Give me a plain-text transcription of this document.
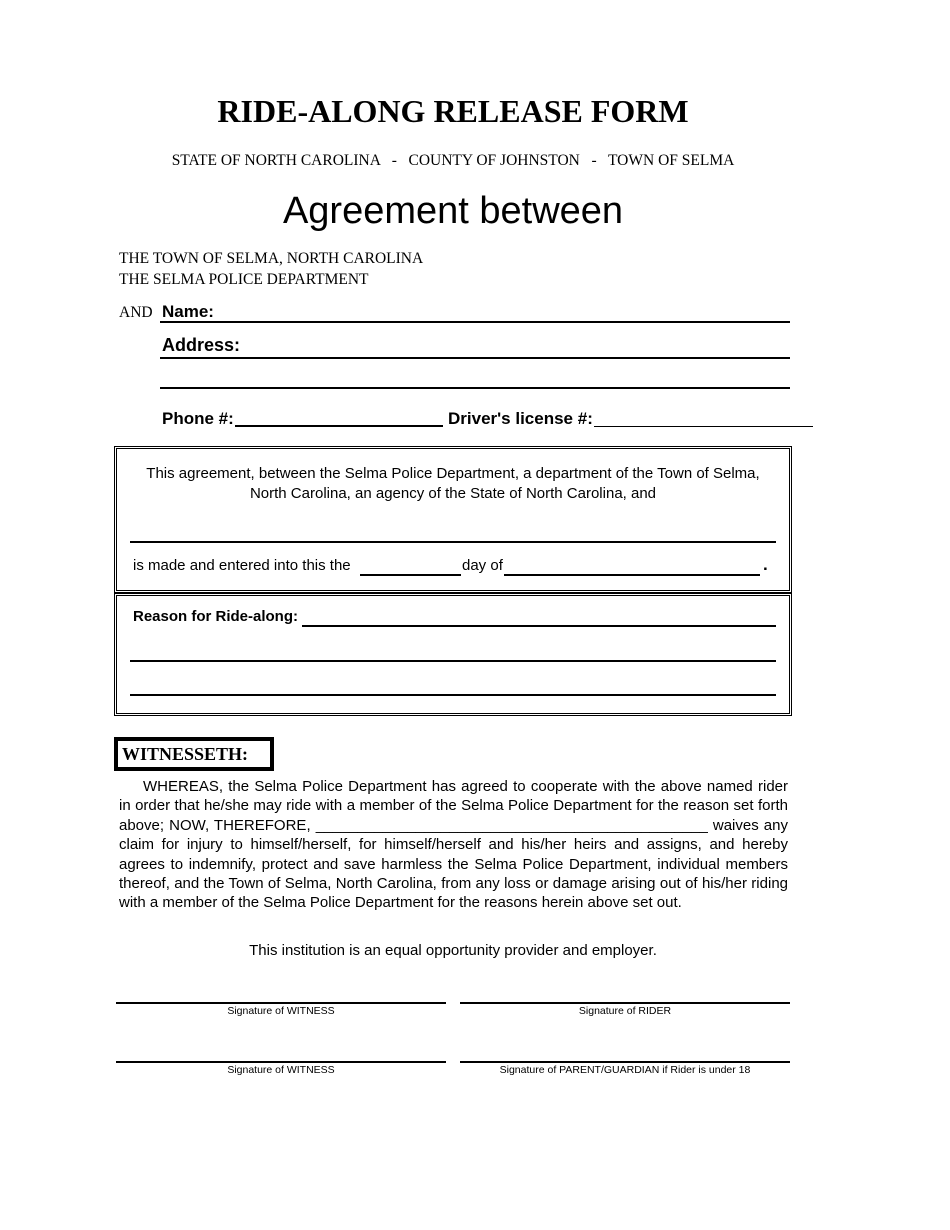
RIDE-ALONG RELEASE FORM
STATE OF NORTH CAROLINA   -   COUNTY OF JOHNSTON   -   TOWN OF SELMA
Agreement between
THE TOWN OF SELMA, NORTH CAROLINA
THE SELMA POLICE DEPARTMENT
AND Name:
Address:
Phone #:	Driver's license #:
This agreement, between the Selma Police Department, a department of the Town of Selma, North Carolina, an agency of the State of North Carolina, and
is made and entered into this the	day of	.
Reason for Ride-along:
WITNESSETH:
WHEREAS, the Selma Police Department has agreed to cooperate with the above named rider in order that he/she may ride with a member of the Selma Police Department for the reason set forth above; NOW, THEREFORE, _______________________________________________ waives any claim for injury to himself/herself, for himself/herself and his/her heirs and assigns, and hereby agrees to indemnify, protect and save harmless the Selma Police Department, individual members thereof, and the Town of Selma, North Carolina, from any loss or damage arising out of his/her riding with a member of the Selma Police Department for the reasons herein above set out.
This institution is an equal opportunity provider and employer.
Signature of WITNESS	Signature of RIDER
Signature of WITNESS	Signature of PARENT/GUARDIAN if Rider is under 18
